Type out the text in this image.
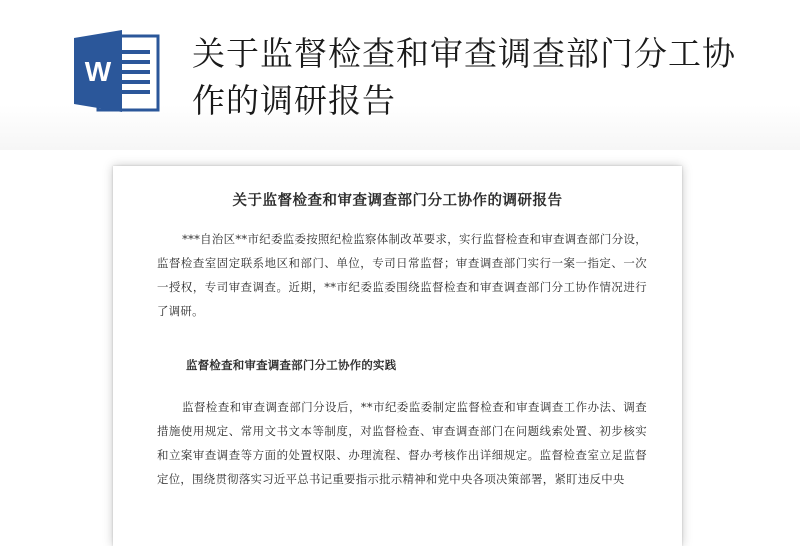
W 关于监督检查和审查调查部门分工协作的调研报告
关于监督检查和审查调查部门分工协作的调研报告

***自治区**市纪委监委按照纪检监察体制改革要求，实行监督检查和审查调查部门分设，监督检查室固定联系地区和部门、单位，专司日常监督；审查调查部门实行一案一指定、一次一授权，专司审查调查。近期，**市纪委监委围绕监督检查和审查调查部门分工协作情况进行了调研。

监督检查和审查调查部门分工协作的实践

监督检查和审查调查部门分设后，**市纪委监委制定监督检查和审查调查工作办法、调查措施使用规定、常用文书文本等制度，对监督检查、审查调查部门在问题线索处置、初步核实和立案审查调查等方面的处置权限、办理流程、督办考核作出详细规定。监督检查室立足监督定位，围绕贯彻落实习近平总书记重要指示批示精神和党中央各项决策部署，紧盯违反中央
